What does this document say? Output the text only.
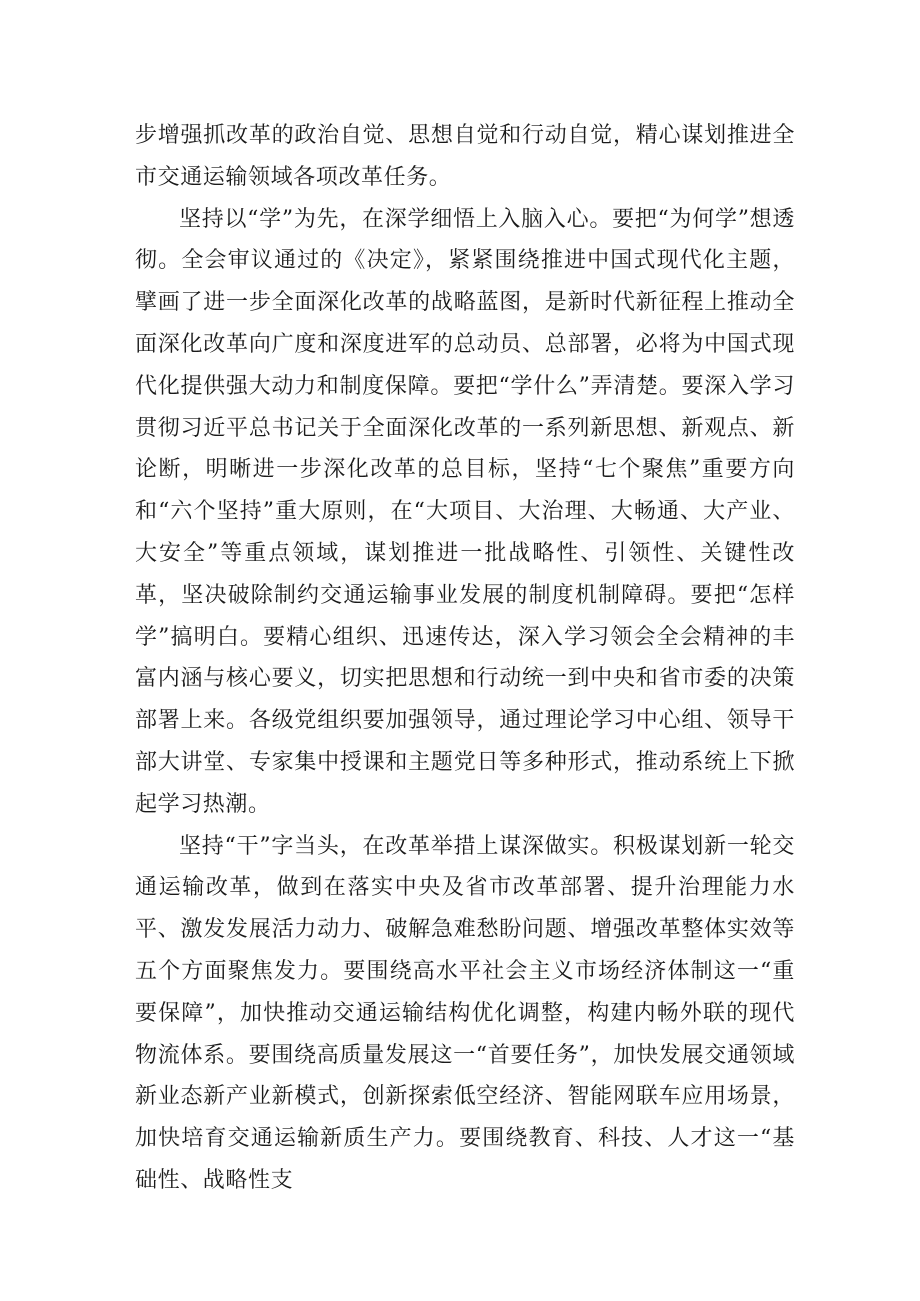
步增强抓改革的政治自觉、思想自觉和行动自觉，精心谋划推进全市交通运输领域各项改革任务。

坚持以“学”为先，在深学细悟上入脑入心。要把“为何学”想透彻。全会审议通过的《决定》，紧紧围绕推进中国式现代化主题，擘画了进一步全面深化改革的战略蓝图，是新时代新征程上推动全面深化改革向广度和深度进军的总动员、总部署，必将为中国式现代化提供强大动力和制度保障。要把“学什么”弄清楚。要深入学习贯彻习近平总书记关于全面深化改革的一系列新思想、新观点、新论断，明晰进一步深化改革的总目标，坚持“七个聚焦”重要方向和“六个坚持”重大原则，在“大项目、大治理、大畅通、大产业、大安全”等重点领域，谋划推进一批战略性、引领性、关键性改革，坚决破除制约交通运输事业发展的制度机制障碍。要把“怎样学”搞明白。要精心组织、迅速传达，深入学习领会全会精神的丰富内涵与核心要义，切实把思想和行动统一到中央和省市委的决策部署上来。各级党组织要加强领导，通过理论学习中心组、领导干部大讲堂、专家集中授课和主题党日等多种形式，推动系统上下掀起学习热潮。

坚持“干”字当头，在改革举措上谋深做实。积极谋划新一轮交通运输改革，做到在落实中央及省市改革部署、提升治理能力水平、激发发展活力动力、破解急难愁盼问题、增强改革整体实效等五个方面聚焦发力。要围绕高水平社会主义市场经济体制这一“重要保障”，加快推动交通运输结构优化调整，构建内畅外联的现代物流体系。要围绕高质量发展这一“首要任务”，加快发展交通领域新业态新产业新模式，创新探索低空经济、智能网联车应用场景，加快培育交通运输新质生产力。要围绕教育、科技、人才这一“基础性、战略性支
